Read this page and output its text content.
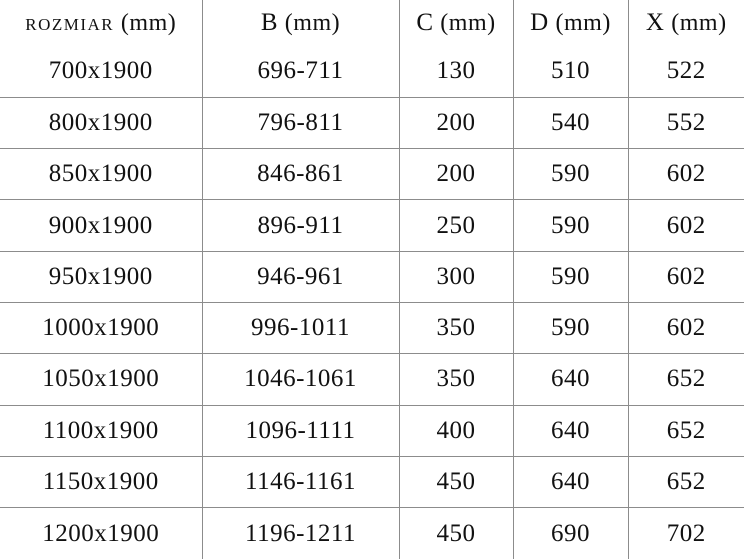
ROZMIAR (mm)	B (mm)	C (mm)	D (mm)	X (mm)
700x1900	696-711	130	510	522
800x1900	796-811	200	540	552
850x1900	846-861	200	590	602
900x1900	896-911	250	590	602
950x1900	946-961	300	590	602
1000x1900	996-1011	350	590	602
1050x1900	1046-1061	350	640	652
1100x1900	1096-1111	400	640	652
1150x1900	1146-1161	450	640	652
1200x1900	1196-1211	450	690	702
